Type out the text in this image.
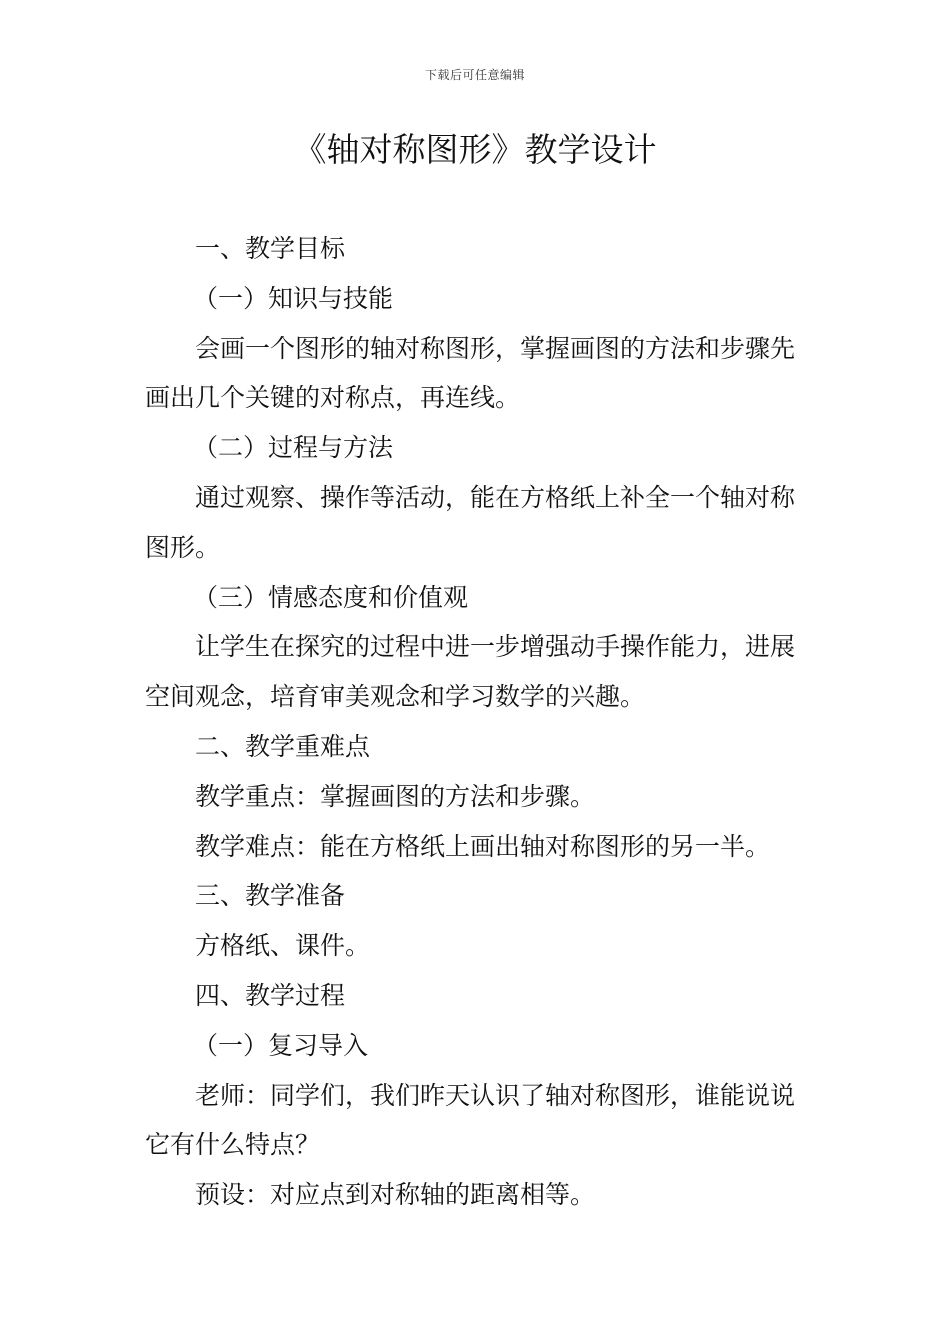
下载后可任意编辑
《轴对称图形》教学设计

一、教学目标

（一）知识与技能

会画一个图形的轴对称图形，掌握画图的方法和步骤先画出几个关键的对称点，再连线。

（二）过程与方法

通过观察、操作等活动，能在方格纸上补全一个轴对称图形。

（三）情感态度和价值观

让学生在探究的过程中进一步增强动手操作能力，进展空间观念，培育审美观念和学习数学的兴趣。

二、教学重难点

教学重点：掌握画图的方法和步骤。

教学难点：能在方格纸上画出轴对称图形的另一半。

三、教学准备

方格纸、课件。

四、教学过程

（一）复习导入

老师：同学们，我们昨天认识了轴对称图形，谁能说说它有什么特点？

预设：对应点到对称轴的距离相等。
